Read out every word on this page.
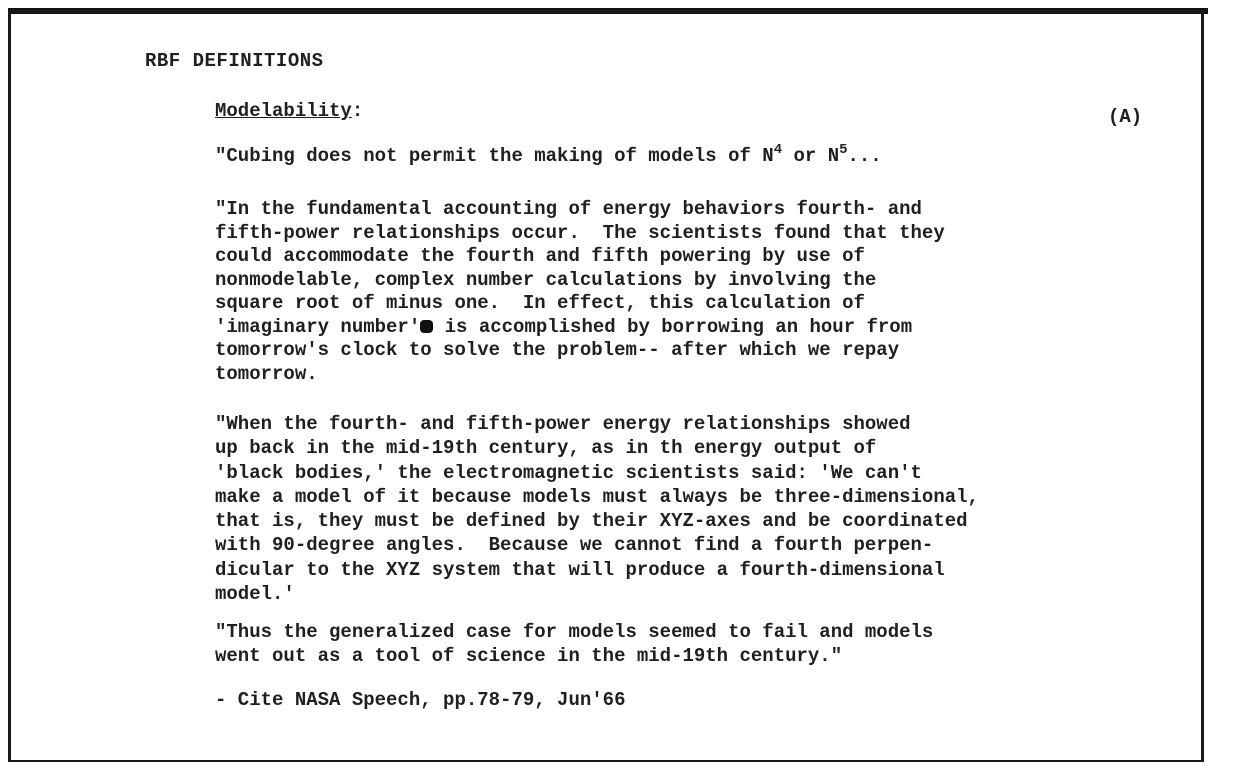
RBF DEFINITIONS
Modelability:	(A)

"Cubing does not permit the making of models of $N^4$ or $N^5$...

"In the fundamental accounting of energy behaviors fourth- and
fifth-power relationships occur.  The scientists found that they
could accommodate the fourth and fifth powering by use of
nonmodelable, complex number calculations by involving the
square root of minus one.  In effect, this calculation of
'imaginary number' is accomplished by borrowing an hour from
tomorrow's clock to solve the problem-- after which we repay
tomorrow.

"When the fourth- and fifth-power energy relationships showed
up back in the mid-19th century, as in th energy output of
'black bodies,' the electromagnetic scientists said: 'We can't
make a model of it because models must always be three-dimensional,
that is, they must be defined by their XYZ-axes and be coordinated
with 90-degree angles.  Because we cannot find a fourth perpen-
dicular to the XYZ system that will produce a fourth-dimensional
model.'

"Thus the generalized case for models seemed to fail and models
went out as a tool of science in the mid-19th century."

- Cite NASA Speech, pp.78-79, Jun'66
